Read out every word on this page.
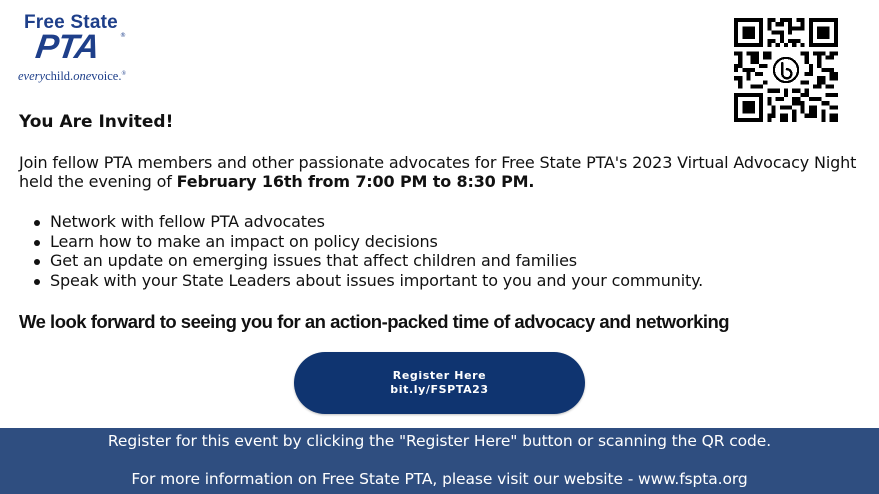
Free State
PTA	®
everychild.onevoice.®
You Are Invited!

Join fellow PTA members and other passionate advocates for Free State PTA's 2023 Virtual Advocacy Night held the evening of February 16th from 7:00 PM to 8:30 PM.

Network with fellow PTA advocates
Learn how to make an impact on policy decisions
Get an update on emerging issues that affect children and families
Speak with your State Leaders about issues important to you and your community.

We look forward to seeing you for an action-packed time of advocacy and networking

Register Here
bit.ly/FSPTA23
Register for this event by clicking the "Register Here" button or scanning the QR code.
For more information on Free State PTA, please visit our website - www.fspta.org
